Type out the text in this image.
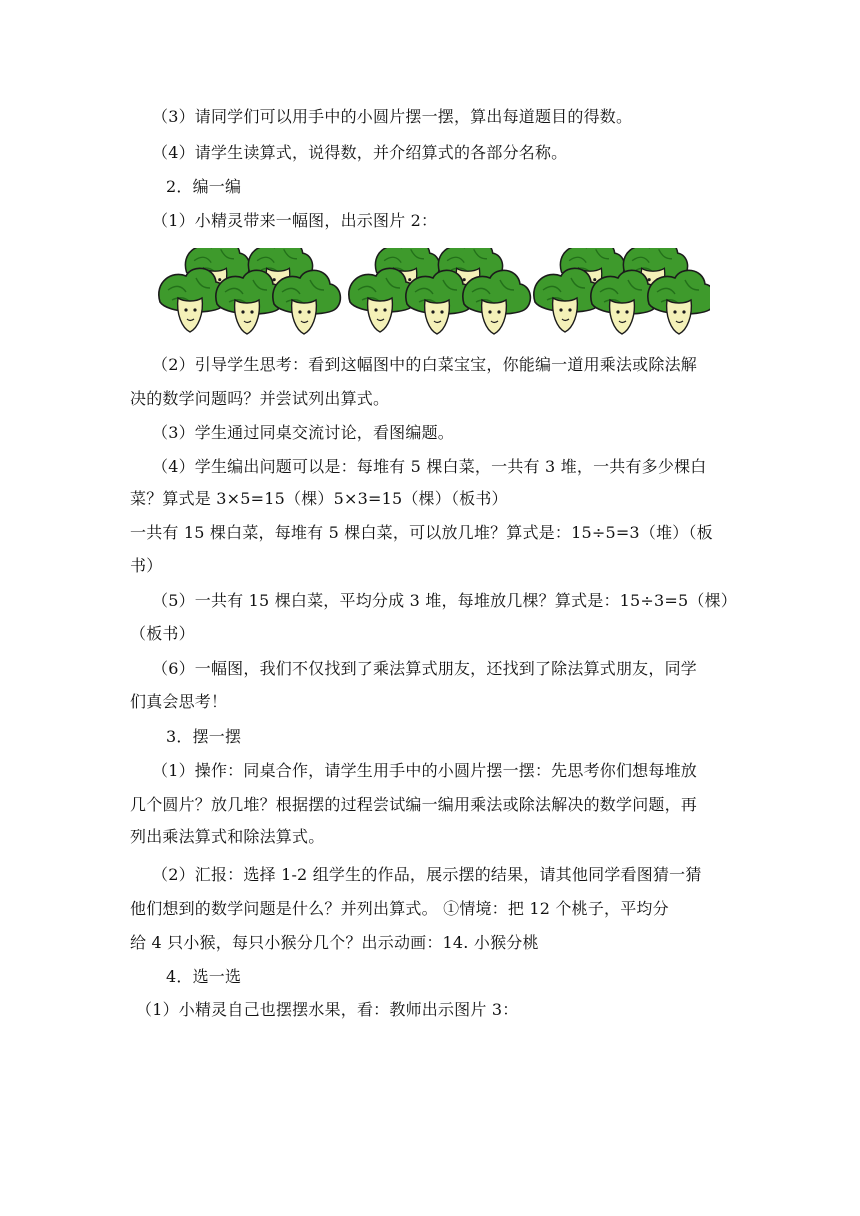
（3）请同学们可以用手中的小圆片摆一摆，算出每道题目的得数。
（4）请学生读算式，说得数，并介绍算式的各部分名称。
2．编一编
（1）小精灵带来一幅图，出示图片 2：
（2）引导学生思考：看到这幅图中的白菜宝宝，你能编一道用乘法或除法解
决的数学问题吗？并尝试列出算式。
（3）学生通过同桌交流讨论，看图编题。
（4）学生编出问题可以是：每堆有 5 棵白菜，一共有 3 堆，一共有多少棵白
菜？算式是 3×5=15（棵）5×3=15（棵）（板书）
一共有 15 棵白菜，每堆有 5 棵白菜，可以放几堆？算式是：15÷5=3（堆）（板
书）
（5）一共有 15 棵白菜，平均分成 3 堆，每堆放几棵？算式是：15÷3=5（棵）
（板书）
（6）一幅图，我们不仅找到了乘法算式朋友，还找到了除法算式朋友，同学
们真会思考！
3．摆一摆
（1）操作：同桌合作，请学生用手中的小圆片摆一摆：先思考你们想每堆放
几个圆片？放几堆？根据摆的过程尝试编一编用乘法或除法解决的数学问题，再
列出乘法算式和除法算式。
（2）汇报：选择 1-2 组学生的作品，展示摆的结果，请其他同学看图猜一猜
他们想到的数学问题是什么？并列出算式。 ①情境：把 12 个桃子，平均分
给 4 只小猴，每只小猴分几个？出示动画：14. 小猴分桃
4．选一选
（1）小精灵自己也摆摆水果，看：教师出示图片 3：
